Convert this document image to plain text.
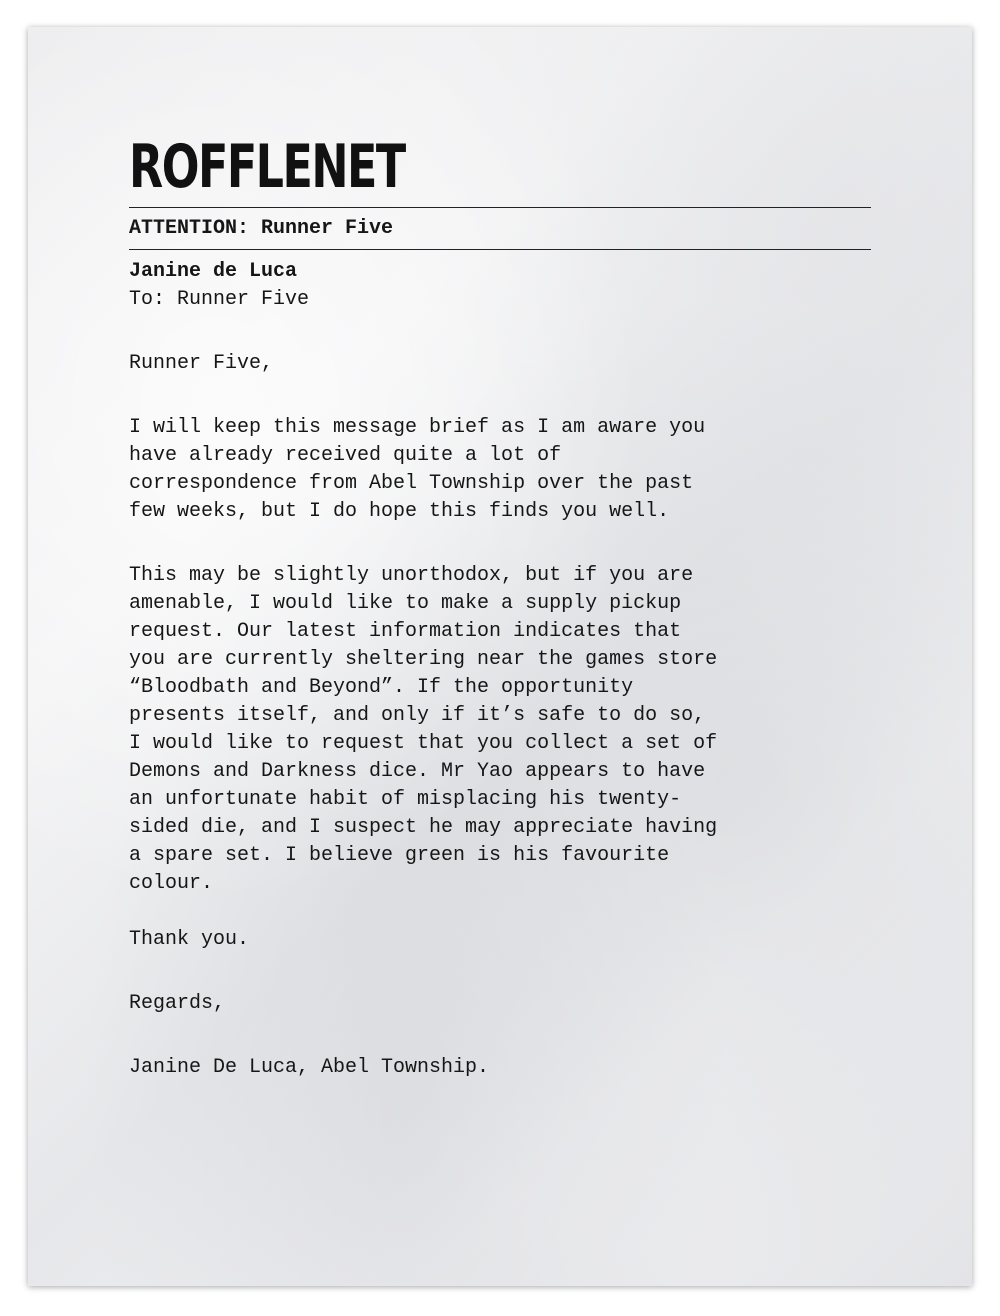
ROFFLENET
ATTENTION: Runner Five
Janine de Luca
To: Runner Five

Runner Five,

I will keep this message brief as I am aware you
have already received quite a lot of
correspondence from Abel Township over the past
few weeks, but I do hope this finds you well.

This may be slightly unorthodox, but if you are
amenable, I would like to make a supply pickup
request. Our latest information indicates that
you are currently sheltering near the games store
“Bloodbath and Beyond”. If the opportunity
presents itself, and only if it’s safe to do so,
I would like to request that you collect a set of
Demons and Darkness dice. Mr Yao appears to have
an unfortunate habit of misplacing his twenty-
sided die, and I suspect he may appreciate having
a spare set. I believe green is his favourite
colour.

Thank you.

Regards,

Janine De Luca, Abel Township.
